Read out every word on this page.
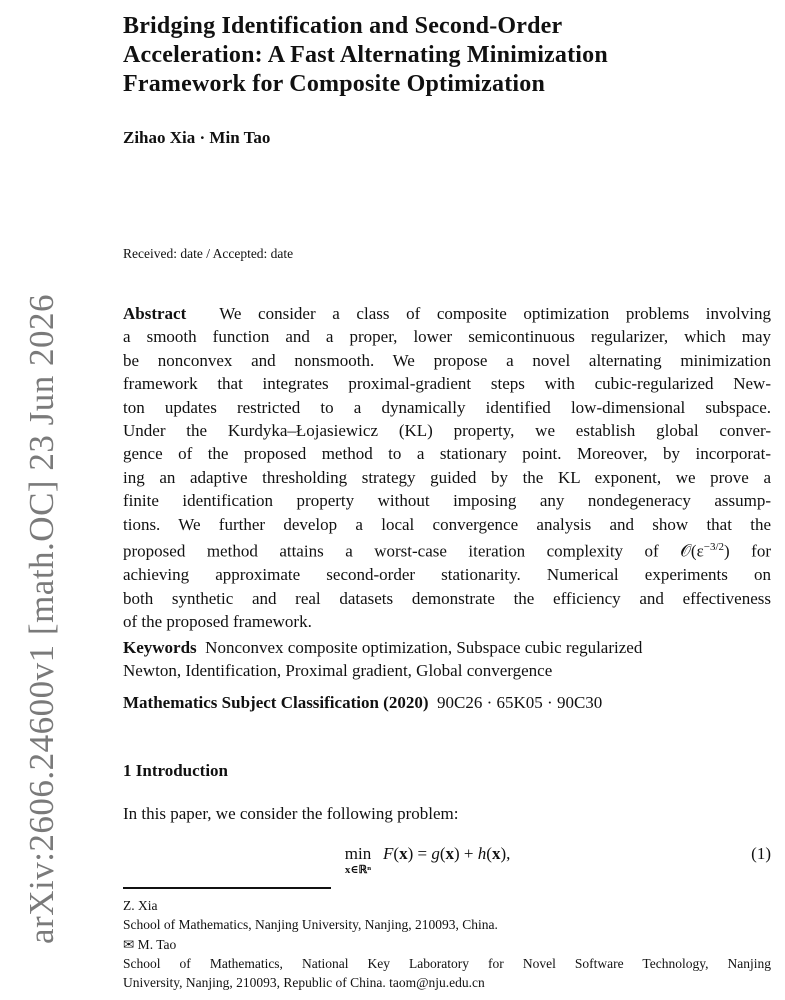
arXiv:2606.24600v1 [math.OC] 23 Jun 2026
Bridging Identification and Second-Order
Acceleration: A Fast Alternating Minimization
Framework for Composite Optimization
Zihao Xia · Min Tao
Received: date / Accepted: date
Abstract We consider a class of composite optimization problems involving
a smooth function and a proper, lower semicontinuous regularizer, which may
be nonconvex and nonsmooth. We propose a novel alternating minimization
framework that integrates proximal-gradient steps with cubic-regularized New-
ton updates restricted to a dynamically identified low-dimensional subspace.
Under the Kurdyka–Łojasiewicz (KL) property, we establish global conver-
gence of the proposed method to a stationary point. Moreover, by incorporat-
ing an adaptive thresholding strategy guided by the KL exponent, we prove a
finite identification property without imposing any nondegeneracy assump-
tions. We further develop a local convergence analysis and show that the
proposed method attains a worst-case iteration complexity of $𝒪(\varepsilon^{-3/2})$ for
achieving approximate second-order stationarity. Numerical experiments on
both synthetic and real datasets demonstrate the efficiency and effectiveness
of the proposed framework.
Keywords Nonconvex composite optimization, Subspace cubic regularized
Newton, Identification, Proximal gradient, Global convergence
Mathematics Subject Classification (2020) 90C26 · 65K05 · 90C30
1 Introduction
In this paper, we consider the following problem:
min
x∈ℝⁿ
F(x) = g(x) + h(x),	(1)
Z. Xia
School of Mathematics, Nanjing University, Nanjing, 210093, China.
✉ M. Tao
School of Mathematics, National Key Laboratory for Novel Software Technology, Nanjing
University, Nanjing, 210093, Republic of China. taom@nju.edu.cn
